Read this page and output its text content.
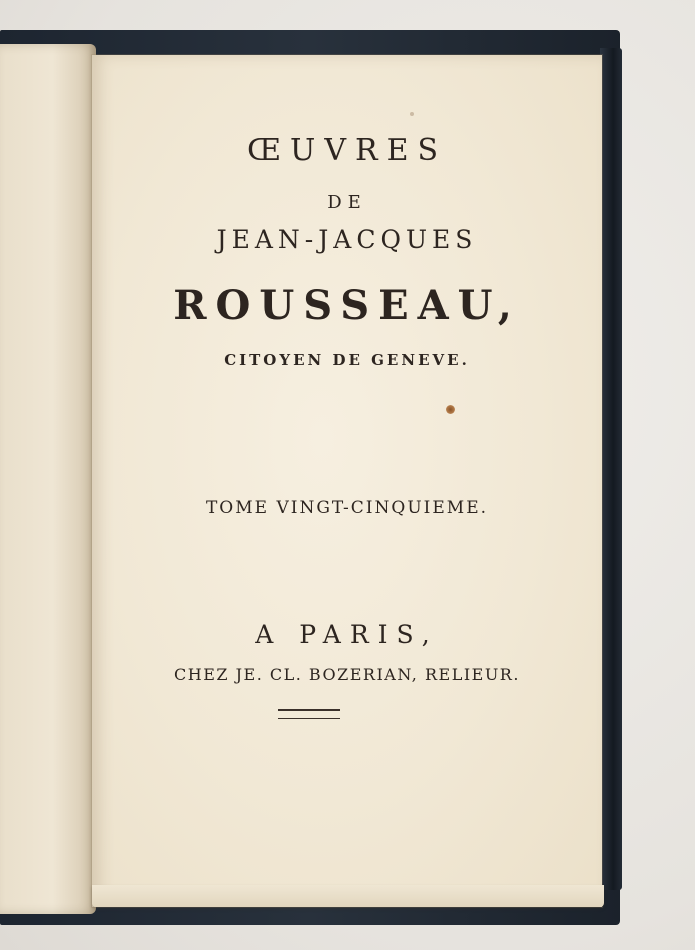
ŒUVRES
DE
JEAN-JACQUES
ROUSSEAU,
CITOYEN DE GENEVE.
TOME VINGT-CINQUIEME.
A PARIS,
CHEZ JE. CL. BOZERIAN, RELIEUR.
